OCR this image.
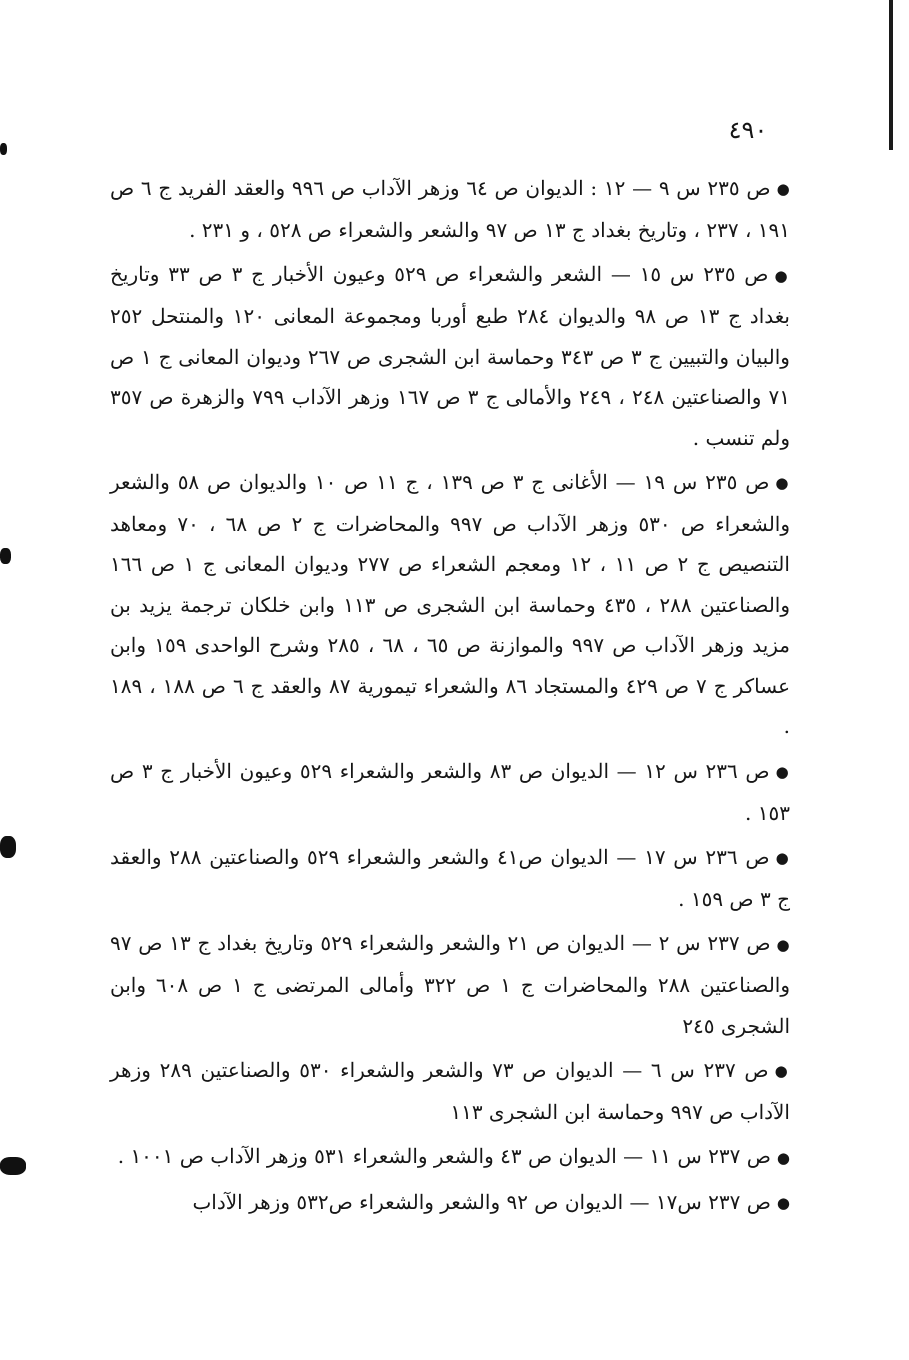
٤٩٠

●ص ٢٣٥ س ٩ — ١٢ : الديوان ص ٦٤ وزهر الآداب ص ٩٩٦ والعقد الفريد ج ٦ ص ١٩١ ، ٢٣٧ ، وتاريخ بغداد ج ١٣ ص ٩٧ والشعر والشعراء ص ٥٢٨ ، و ٢٣١ .

●ص ٢٣٥ س ١٥ — الشعر والشعراء ص ٥٢٩ وعيون الأخبار ج ٣ ص ٣٣ وتاريخ بغداد ج ١٣ ص ٩٨ والديوان ٢٨٤ طبع أوربا ومجموعة المعانى ١٢٠ والمنتحل ٢٥٢ والبيان والتبيين ج ٣ ص ٣٤٣ وحماسة ابن الشجرى ص ٢٦٧ وديوان المعانى ج ١ ص ٧١ والصناعتين ٢٤٨ ، ٢٤٩ والأمالى ج ٣ ص ١٦٧ وزهر الآداب ٧٩٩ والزهرة ص ٣٥٧ ولم تنسب .

●ص ٢٣٥ س ١٩ — الأغانى ج ٣ ص ١٣٩ ، ج ١١ ص ١٠ والديوان ص ٥٨ والشعر والشعراء ص ٥٣٠ وزهر الآداب ص ٩٩٧ والمحاضرات ج ٢ ص ٦٨ ، ٧٠ ومعاهد التنصيص ج ٢ ص ١١ ، ١٢ ومعجم الشعراء ص ٢٧٧ وديوان المعانى ج ١ ص ١٦٦ والصناعتين ٢٨٨ ، ٤٣٥ وحماسة ابن الشجرى ص ١١٣ وابن خلكان ترجمة يزيد بن مزيد وزهر الآداب ص ٩٩٧ والموازنة ص ٦٥ ، ٦٨ ، ٢٨٥ وشرح الواحدى ١٥٩ وابن عساكر ج ٧ ص ٤٢٩ والمستجاد ٨٦ والشعراء تيمورية ٨٧ والعقد ج ٦ ص ١٨٨ ، ١٨٩ .

●ص ٢٣٦ س ١٢ — الديوان ص ٨٣ والشعر والشعراء ٥٢٩ وعيون الأخبار ج ٣ ص ١٥٣ .

●ص ٢٣٦ س ١٧ — الديوان ص٤١ والشعر والشعراء ٥٢٩ والصناعتين ٢٨٨ والعقد ج ٣ ص ١٥٩ .

●ص ٢٣٧ س ٢ — الديوان ص ٢١ والشعر والشعراء ٥٢٩ وتاريخ بغداد ج ١٣ ص ٩٧ والصناعتين ٢٨٨ والمحاضرات ج ١ ص ٣٢٢ وأمالى المرتضى ج ١ ص ٦٠٨ وابن الشجرى ٢٤٥

●ص ٢٣٧ س ٦ — الديوان ص ٧٣ والشعر والشعراء ٥٣٠ والصناعتين ٢٨٩ وزهر الآداب ص ٩٩٧ وحماسة ابن الشجرى ١١٣

●ص ٢٣٧ س ١١ — الديوان ص ٤٣ والشعر والشعراء ٥٣١ وزهر الآداب ص ١٠٠١ .

●ص ٢٣٧ س١٧ — الديوان ص ٩٢ والشعر والشعراء ص٥٣٢ وزهر الآداب
